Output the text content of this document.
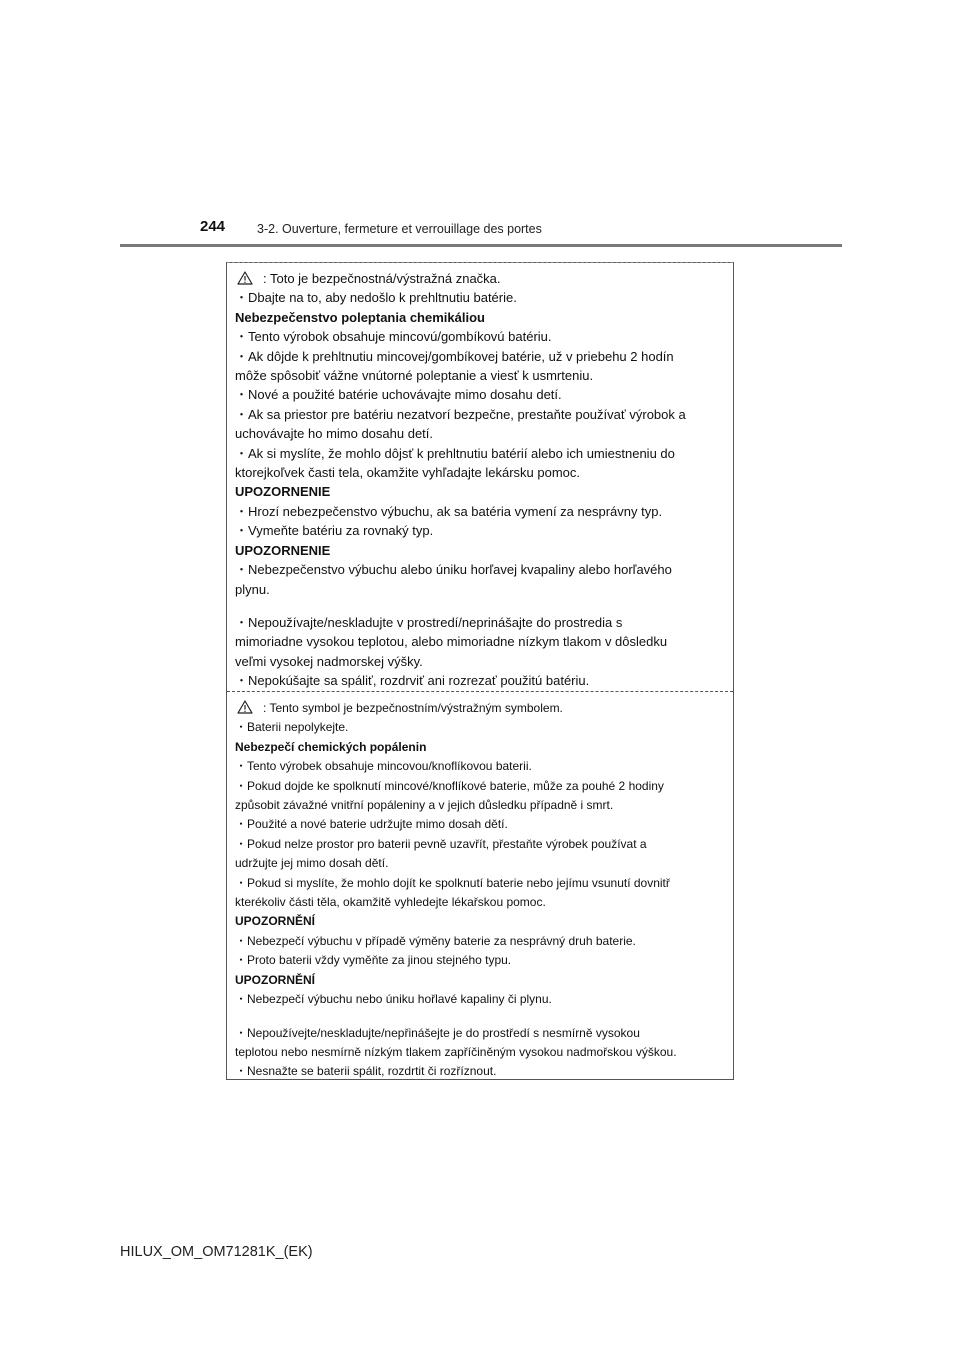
244	3-2. Ouverture, fermeture et verrouillage des portes
: Toto je bezpečnostná/výstražná značka.
・Dbajte na to, aby nedošlo k prehltnutiu batérie.
Nebezpečenstvo poleptania chemikáliou
・Tento výrobok obsahuje mincovú/gombíkovú batériu.
・Ak dôjde k prehltnutiu mincovej/gombíkovej batérie, už v priebehu 2 hodín
môže spôsobiť vážne vnútorné poleptanie a viesť k usmrteniu.
・Nové a použité batérie uchovávajte mimo dosahu detí.
・Ak sa priestor pre batériu nezatvorí bezpečne, prestaňte používať výrobok a
uchovávajte ho mimo dosahu detí.
・Ak si myslíte, že mohlo dôjsť k prehltnutiu batérií alebo ich umiestneniu do
ktorejkoľvek časti tela, okamžite vyhľadajte lekársku pomoc.
UPOZORNENIE
・Hrozí nebezpečenstvo výbuchu, ak sa batéria vymení za nesprávny typ.
・Vymeňte batériu za rovnaký typ.
UPOZORNENIE
・Nebezpečenstvo výbuchu alebo úniku horľavej kvapaliny alebo horľavého
plynu.
・Nepoužívajte/neskladujte v prostredí/neprinášajte do prostredia s
mimoriadne vysokou teplotou, alebo mimoriadne nízkym tlakom v dôsledku
veľmi vysokej nadmorskej výšky.
・Nepokúšajte sa spáliť, rozdrviť ani rozrezať použitú batériu.
: Tento symbol je bezpečnostním/výstražným symbolem.
・Baterii nepolykejte.
Nebezpečí chemických popálenin
・Tento výrobek obsahuje mincovou/knoflíkovou baterii.
・Pokud dojde ke spolknutí mincové/knoflíkové baterie, může za pouhé 2 hodiny
způsobit závažné vnitřní popáleniny a v jejich důsledku případně i smrt.
・Použité a nové baterie udržujte mimo dosah dětí.
・Pokud nelze prostor pro baterii pevně uzavřít, přestaňte výrobek používat a
udržujte jej mimo dosah dětí.
・Pokud si myslíte, že mohlo dojít ke spolknutí baterie nebo jejímu vsunutí dovnitř
kterékoliv části těla, okamžitě vyhledejte lékařskou pomoc.
UPOZORNĚNÍ
・Nebezpečí výbuchu v případě výměny baterie za nesprávný druh baterie.
・Proto baterii vždy vyměňte za jinou stejného typu.
UPOZORNĚNÍ
・Nebezpečí výbuchu nebo úniku hořlavé kapaliny či plynu.
・Nepoužívejte/neskladujte/nepřinášejte je do prostředí s nesmírně vysokou
teplotou nebo nesmírně nízkým tlakem zapříčiněným vysokou nadmořskou výškou.
・Nesnažte se baterii spálit, rozdrtit či rozříznout.
HILUX_OM_OM71281K_(EK)
